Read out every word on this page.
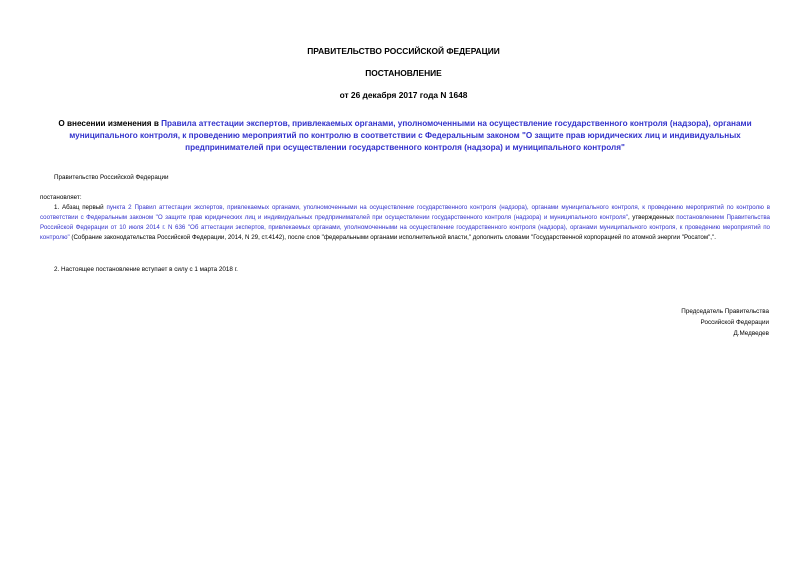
ПРАВИТЕЛЬСТВО РОССИЙСКОЙ ФЕДЕРАЦИИ
ПОСТАНОВЛЕНИЕ
от 26 декабря 2017 года N 1648
О внесении изменения в Правила аттестации экспертов, привлекаемых органами, уполномоченными на осуществление государственного контроля (надзора), органами муниципального контроля, к проведению мероприятий по контролю в соответствии с Федеральным законом "О защите прав юридических лиц и индивидуальных предпринимателей при осуществлении государственного контроля (надзора) и муниципального контроля"
Правительство Российской Федерации
постановляет:
1. Абзац первый пункта 2 Правил аттестации экспертов, привлекаемых органами, уполномоченными на осуществление государственного контроля (надзора), органами муниципального контроля, к проведению мероприятий по контролю в соответствии с Федеральным законом "О защите прав юридических лиц и индивидуальных предпринимателей при осуществлении государственного контроля (надзора) и муниципального контроля", утвержденных постановлением Правительства Российской Федерации от 10 июля 2014 г. N 636 "Об аттестации экспертов, привлекаемых органами, уполномоченными на осуществление государственного контроля (надзора), органами муниципального контроля, к проведению мероприятий по контролю" (Собрание законодательства Российской Федерации, 2014, N 29, ст.4142), после слов "федеральными органами исполнительной власти," дополнить словами "Государственной корпорацией по атомной энергии "Росатом",".
2. Настоящее постановление вступает в силу с 1 марта 2018 г.
Председатель Правительства
Российской Федерации
Д.Медведев
